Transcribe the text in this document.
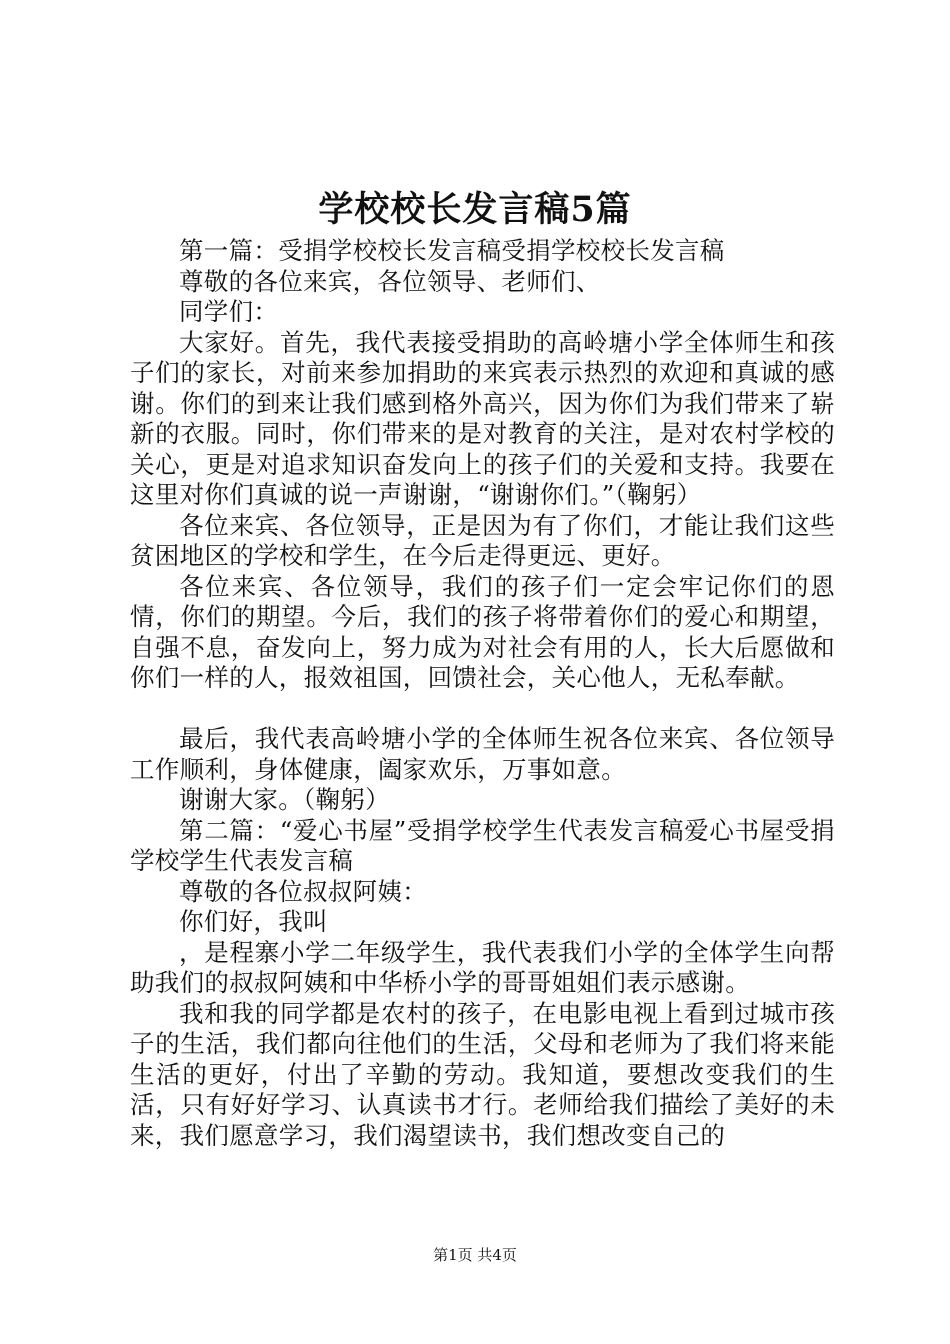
学校校长发言稿5篇

第一篇：受捐学校校长发言稿受捐学校校长发言稿

尊敬的各位来宾，各位领导、老师们、

同学们：

大家好。首先，我代表接受捐助的高岭塘小学全体师生和孩子们的家长，对前来参加捐助的来宾表示热烈的欢迎和真诚的感谢。你们的到来让我们感到格外高兴，因为你们为我们带来了崭新的衣服。同时，你们带来的是对教育的关注，是对农村学校的关心，更是对追求知识奋发向上的孩子们的关爱和支持。我要在这里对你们真诚的说一声谢谢，“谢谢你们。”（鞠躬）

各位来宾、各位领导，正是因为有了你们，才能让我们这些贫困地区的学校和学生，在今后走得更远、更好。

各位来宾、各位领导，我们的孩子们一定会牢记你们的恩情，你们的期望。今后，我们的孩子将带着你们的爱心和期望，自强不息，奋发向上，努力成为对社会有用的人，长大后愿做和你们一样的人，报效祖国，回馈社会，关心他人，无私奉献。

最后，我代表高岭塘小学的全体师生祝各位来宾、各位领导工作顺利，身体健康，阖家欢乐，万事如意。

谢谢大家。（鞠躬）

第二篇：“爱心书屋”受捐学校学生代表发言稿爱心书屋受捐学校学生代表发言稿

尊敬的各位叔叔阿姨：

你们好，我叫

，是程寨小学二年级学生，我代表我们小学的全体学生向帮助我们的叔叔阿姨和中华桥小学的哥哥姐姐们表示感谢。

我和我的同学都是农村的孩子，在电影电视上看到过城市孩子的生活，我们都向往他们的生活，父母和老师为了我们将来能生活的更好，付出了辛勤的劳动。我知道，要想改变我们的生活，只有好好学习、认真读书才行。老师给我们描绘了美好的未来，我们愿意学习，我们渴望读书，我们想改变自己的

第1页 共4页
